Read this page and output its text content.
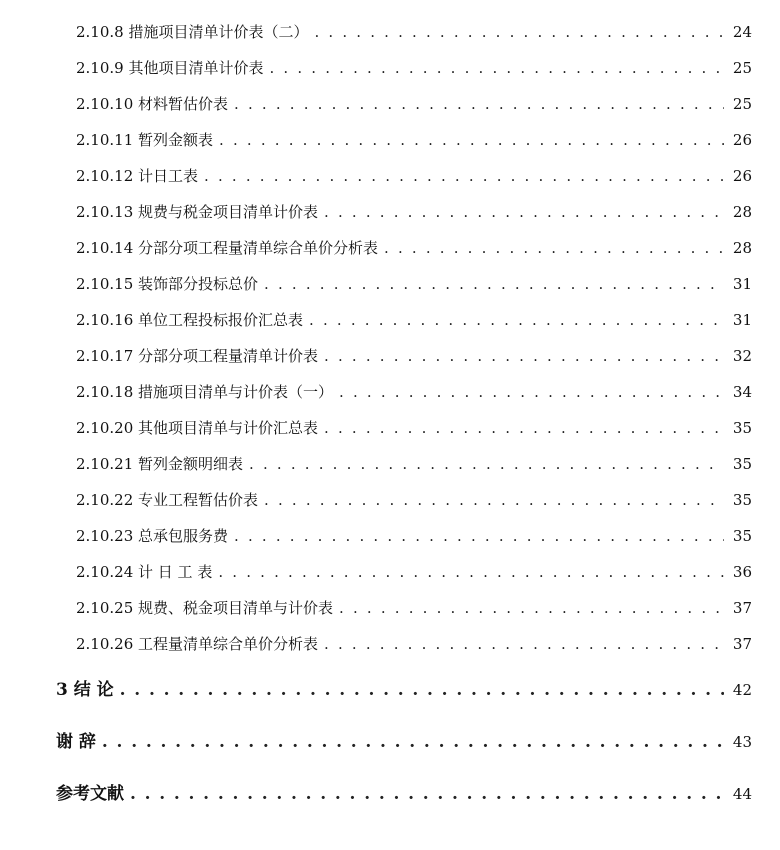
2.10.8 措施项目清单计价表（二） . . .	24
2.10.9 其他项目清单计价表 . . .	25
2.10.10 材料暂估价表 . . .	25
2.10.11 暂列金额表 . . .	26
2.10.12 计日工表 . . .	26
2.10.13 规费与税金项目清单计价表 . . .	28
2.10.14 分部分项工程量清单综合单价分析表 . . .	28
2.10.15 装饰部分投标总价 . . .	31
2.10.16 单位工程投标报价汇总表 . . .	31
2.10.17 分部分项工程量清单计价表 . . .	32
2.10.18 措施项目清单与计价表（一） . . .	34
2.10.20 其他项目清单与计价汇总表 . . .	35
2.10.21 暂列金额明细表 . . .	35
2.10.22 专业工程暂估价表 . . .	35
2.10.23 总承包服务费 . . .	35
2.10.24 计 日 工 表 . . .	36
2.10.25 规费、税金项目清单与计价表 . . .	37
2.10.26 工程量清单综合单价分析表 . . .	37
3 结 论 . . .	42
谢 辞 . . .	43
参考文献 . . .	44
